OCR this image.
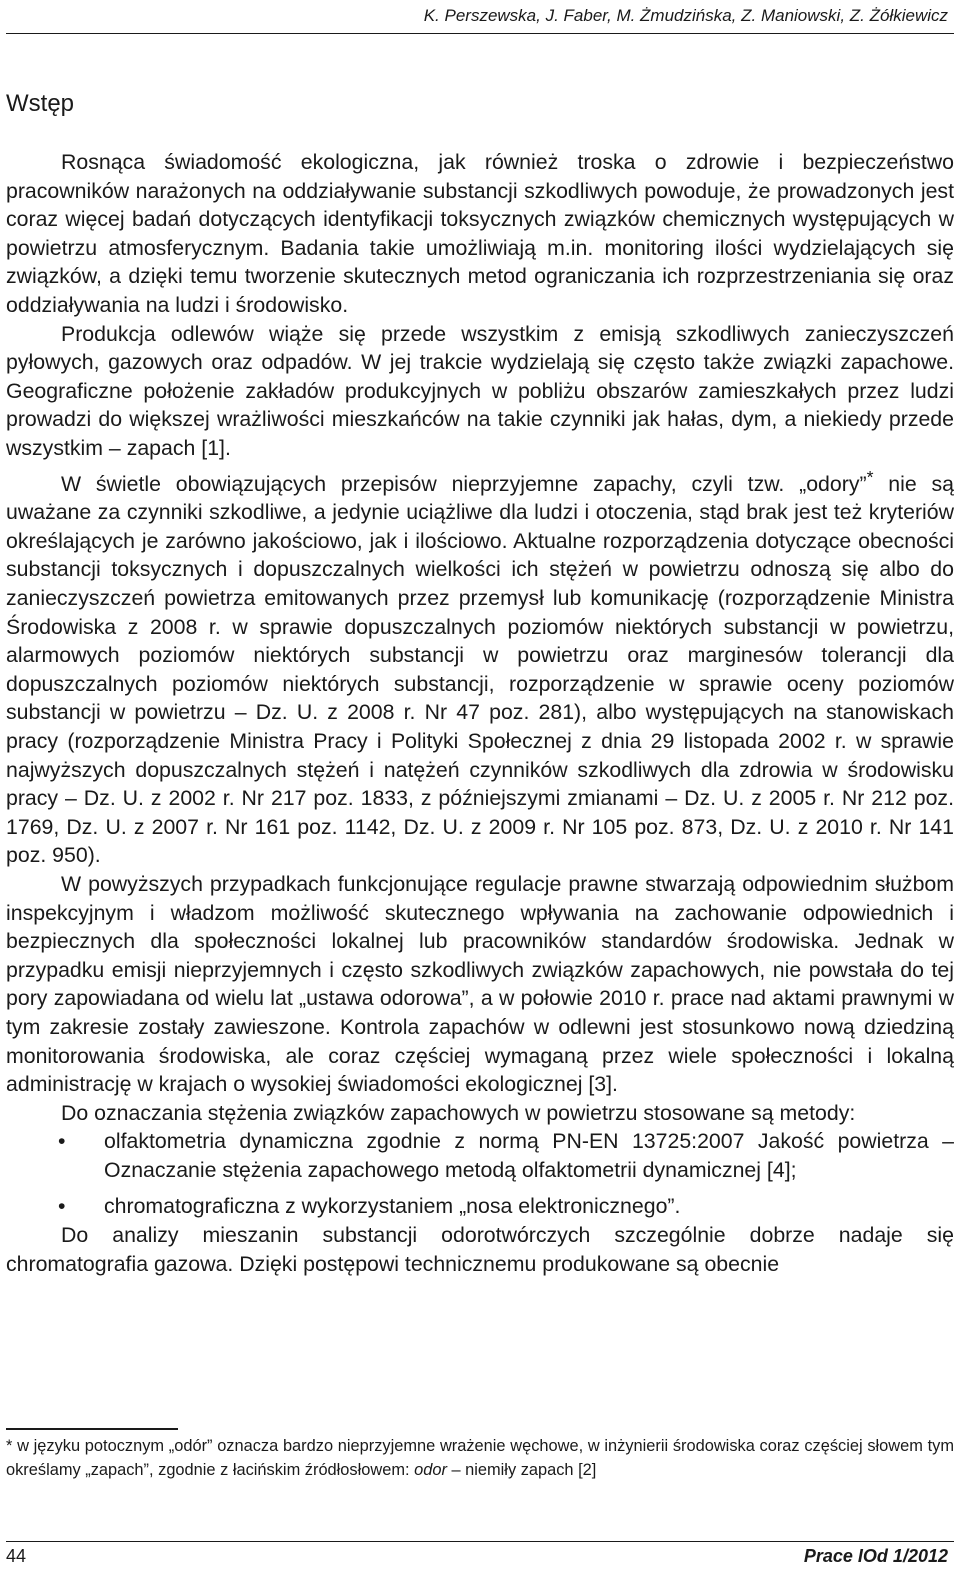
K. Perszewska, J. Faber, M. Żmudzińska, Z. Maniowski, Z. Żółkiewicz
Wstęp

Rosnąca świadomość ekologiczna, jak również troska o zdrowie i bezpieczeństwo pracowników narażonych na oddziaływanie substancji szkodliwych powoduje, że prowadzonych jest coraz więcej badań dotyczących identyfikacji toksycznych związków chemicznych występujących w powietrzu atmosferycznym. Badania takie umożliwiają m.in. monitoring ilości wydzielających się związków, a dzięki temu tworzenie skutecznych metod ograniczania ich rozprzestrzeniania się oraz oddziaływania na ludzi i środowisko.

Produkcja odlewów wiąże się przede wszystkim z emisją szkodliwych zanieczyszczeń pyłowych, gazowych oraz odpadów. W jej trakcie wydzielają się często także związki zapachowe. Geograficzne położenie zakładów produkcyjnych w pobliżu obszarów zamieszkałych przez ludzi prowadzi do większej wrażliwości mieszkańców na takie czynniki jak hałas, dym, a niekiedy przede wszystkim – zapach [1].

W świetle obowiązujących przepisów nieprzyjemne zapachy, czyli tzw. „odory”* nie są uważane za czynniki szkodliwe, a jedynie uciążliwe dla ludzi i otoczenia, stąd brak jest też kryteriów określających je zarówno jakościowo, jak i ilościowo. Aktualne rozporządzenia dotyczące obecności substancji toksycznych i dopuszczalnych wielkości ich stężeń w powietrzu odnoszą się albo do zanieczyszczeń powietrza emitowanych przez przemysł lub komunikację (rozporządzenie Ministra Środowiska z 2008 r. w sprawie dopuszczalnych poziomów niektórych substancji w powietrzu, alarmowych poziomów niektórych substancji w powietrzu oraz marginesów tolerancji dla dopuszczalnych poziomów niektórych substancji, rozporządzenie w sprawie oceny poziomów substancji w powietrzu – Dz. U. z 2008 r. Nr 47 poz. 281), albo występujących na stanowiskach pracy (rozporządzenie Ministra Pracy i Polityki Społecznej z dnia 29 listopada 2002 r. w sprawie najwyższych dopuszczalnych stężeń i natężeń czynników szkodliwych dla zdrowia w środowisku pracy – Dz. U. z 2002 r. Nr 217 poz. 1833, z późniejszymi zmianami – Dz. U. z 2005 r. Nr 212 poz. 1769, Dz. U. z 2007 r. Nr 161 poz. 1142, Dz. U. z 2009 r. Nr 105 poz. 873, Dz. U. z 2010 r. Nr 141 poz. 950).

W powyższych przypadkach funkcjonujące regulacje prawne stwarzają odpowiednim służbom inspekcyjnym i władzom możliwość skutecznego wpływania na zachowanie odpowiednich i bezpiecznych dla społeczności lokalnej lub pracowników standardów środowiska. Jednak w przypadku emisji nieprzyjemnych i często szkodliwych związków zapachowych, nie powstała do tej pory zapowiadana od wielu lat „ustawa odorowa”, a w połowie 2010 r. prace nad aktami prawnymi w tym zakresie zostały zawieszone. Kontrola zapachów w odlewni jest stosunkowo nową dziedziną monitorowania środowiska, ale coraz częściej wymaganą przez wiele społeczności i lokalną administrację w krajach o wysokiej świadomości ekologicznej [3].

Do oznaczania stężenia związków zapachowych w powietrzu stosowane są metody:

• olfaktometria dynamiczna zgodnie z normą PN-EN 13725:2007 Jakość powietrza – Oznaczanie stężenia zapachowego metodą olfaktometrii dynamicznej [4];
• chromatograficzna z wykorzystaniem „nosa elektronicznego”.

Do analizy mieszanin substancji odorotwórczych szczególnie dobrze nadaje się chromatografia gazowa. Dzięki postępowi technicznemu produkowane są obecnie

* w języku potocznym „odór” oznacza bardzo nieprzyjemne wrażenie węchowe, w inżynierii środowiska coraz częściej słowem tym określamy „zapach”, zgodnie z łacińskim źródłosłowem: odor – niemiły zapach [2]
44	Prace IOd 1/2012
